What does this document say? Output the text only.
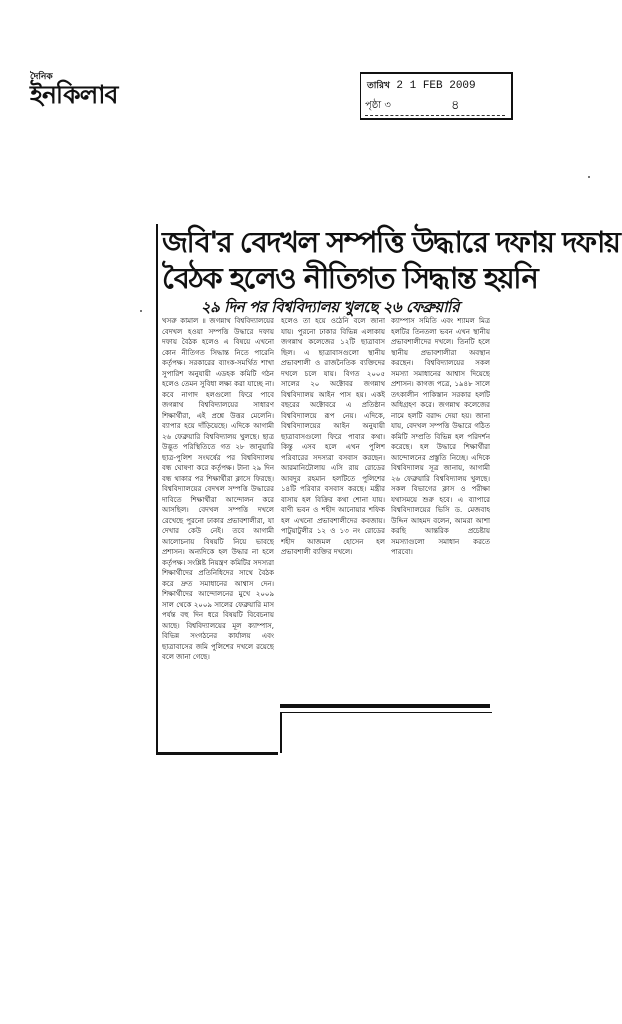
দৈনিক
ইনকিলাব	তারিখ 2 1 FEB 2009
পৃষ্ঠা ৩	৪
জবি'র বেদখল সম্পত্তি উদ্ধারে দফায় দফায়
বৈঠক হলেও নীতিগত সিদ্ধান্ত হয়নি
২৯ দিন পর বিশ্ববিদ্যালয় খুলছে ২৬ ফেব্রুয়ারি
খসরু কামাল ॥ জগন্নাথ বিশ্ববিদ্যালয়ের বেদখল হওয়া সম্পত্তি উদ্ধারে দফায় দফায় বৈঠক হলেও এ বিষয়ে এখনো কোন নীতিগত সিদ্ধান্ত নিতে পারেনি কর্তৃপক্ষ। সরকারের ব্যাংক-সমর্থিত শাখা সুপারিশ অনুযায়ী এডহক কমিটি গঠন হলেও তেমন সুবিধা লক্ষ্য করা যাচ্ছে না। কবে নাগাদ হলগুলো ফিরে পাবে জগন্নাথ বিশ্ববিদ্যালয়ের সাধারণ শিক্ষার্থীরা, এই প্রশ্নে উত্তর মেলেনি। ব্যাপার হয়ে দাঁড়িয়েছে। এদিকে আগামী ২৬ ফেব্রুয়ারি বিশ্ববিদ্যালয় খুলছে। ছাত্র উদ্ভূত পরিস্থিতিতে গত ২৮ জানুয়ারি ছাত্র-পুলিশ সংঘর্ষের পর বিশ্ববিদ্যালয় বন্ধ ঘোষণা করে কর্তৃপক্ষ। টানা ২৯ দিন বন্ধ থাকার পর শিক্ষার্থীরা ক্লাসে ফিরছে। বিশ্ববিদ্যালয়ের বেদখল সম্পত্তি উদ্ধারের দাবিতে শিক্ষার্থীরা আন্দোলন করে আসছিল। বেদখল সম্পত্তি দখলে রেখেছে পুরনো ঢাকার প্রভাবশালীরা, যা দেখার কেউ নেই। তবে আগামী আলোচনায় বিষয়টি নিয়ে ভাবছে প্রশাসন। অন্যদিকে হল উদ্ধার না হলে কর্তৃপক্ষ। সংশ্লিষ্ট নিয়ন্ত্রণ কমিটির সদস্যরা শিক্ষার্থীদের প্রতিনিধিদের সাথে বৈঠক করে দ্রুত সমাধানের আশ্বাস দেন। শিক্ষার্থীদের আন্দোলনের মুখে ২০০৯ সাল থেকে ২০০৯ সালের ফেব্রুয়ারি মাস পর্যন্ত বহু দিন ধরে বিষয়টি বিবেচনায় আছে। বিশ্ববিদ্যালয়ের মূল ক্যাম্পাস, বিভিন্ন সংগঠনের কার্যালয় এবং ছাত্রাবাসের জমি পুলিশের দখলে রয়েছে বলে জানা গেছে।
হলেও তা হয়ে ওঠেনি বলে জানা যায়। পুরনো ঢাকার বিভিন্ন এলাকায় জগন্নাথ কলেজের ১২টি ছাত্রাবাস ছিল। এ ছাত্রাবাসগুলো স্থানীয় প্রভাবশালী ও রাজনৈতিক ব্যক্তিদের দখলে চলে যায়। বিগত ২০০৫ সালের ২০ অক্টোবর জগন্নাথ বিশ্ববিদ্যালয় আইন পাস হয়। একই বছরের অক্টোবরে এ প্রতিষ্ঠান বিশ্ববিদ্যালয়ে রূপ নেয়। এদিকে, বিশ্ববিদ্যালয়ের আইন অনুযায়ী ছাত্রাবাসগুলো ফিরে পাবার কথা। কিন্তু এসব হলে এখন পুলিশ পরিবারের সদস্যরা বসবাস করছেন। আরমানিটোলায় এসি রায় রোডের আবদুর রহমান হলটিতে পুলিশের ১৪টি পরিবার বসবাস করছে। মন্ত্রীর বাসায় হল বিক্রির কথা শোনা যায়। বাণী ভবন ও শহীদ আনোয়ার শফিক হল এখনো প্রভাবশালীদের কবজায়। পাটুয়াটুলীর ১২ ও ১৩ নং রোডের শহীদ আজমল হোসেন হল প্রভাবশালী ব্যক্তির দখলে।
ক্যাম্পাস সমিতি এবং শ্যামল মিত্র হলটির তিনতলা ভবন এখন স্থানীয় প্রভাবশালীদের দখলে। তিনটি হলে স্থানীয় প্রভাবশালীরা অবস্থান করছেন। বিশ্ববিদ্যালয়ের সকল সমস্যা সমাধানের আশ্বাস দিয়েছে প্রশাসন। কাগজ পত্রে, ১৯৪৮ সালে তৎকালীন পাকিস্তান সরকার হলটি অধিগ্রহণ করে। জগন্নাথ কলেজের নামে হলটি বরাদ্দ দেয়া হয়। জানা যায়, বেদখল সম্পত্তি উদ্ধারে গঠিত কমিটি সম্প্রতি বিভিন্ন হল পরিদর্শন করেছে। হল উদ্ধারে শিক্ষার্থীরা আন্দোলনের প্রস্তুতি নিচ্ছে। এদিকে বিশ্ববিদ্যালয় সূত্র জানায়, আগামী ২৬ ফেব্রুয়ারি বিশ্ববিদ্যালয় খুলছে। সকল বিভাগের ক্লাস ও পরীক্ষা যথাসময়ে শুরু হবে। এ ব্যাপারে বিশ্ববিদ্যালয়ের ভিসি ড. মেজবাহ উদ্দিন আহমদ বলেন, আমরা আশা করছি আন্তরিক প্রচেষ্টায় সমস্যাগুলো সমাধান করতে পারবো।
